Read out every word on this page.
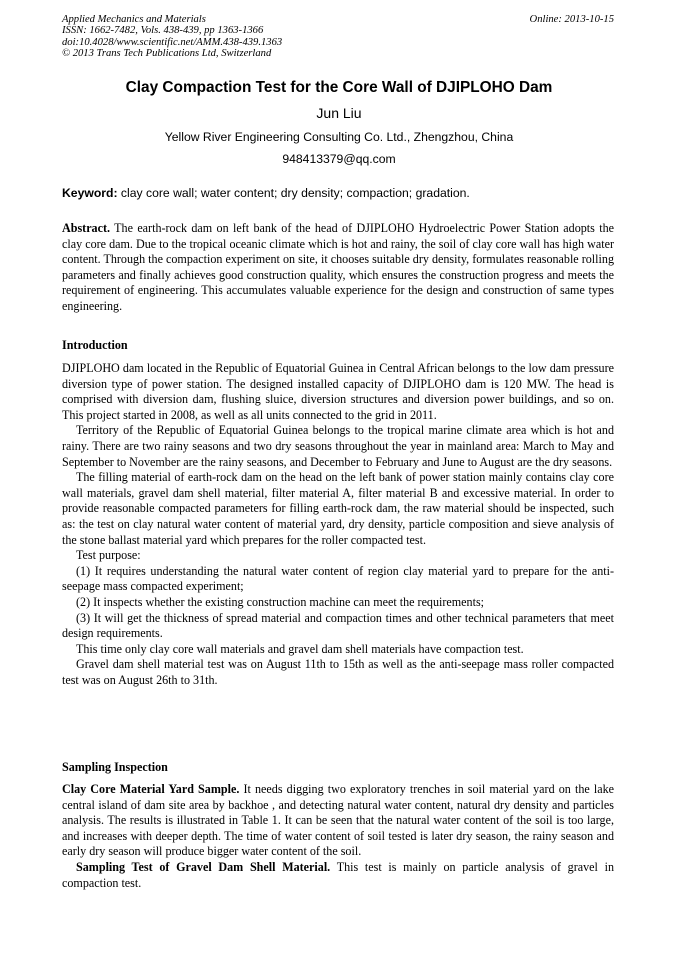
Applied Mechanics and Materials
ISSN: 1662-7482, Vols. 438-439, pp 1363-1366
doi:10.4028/www.scientific.net/AMM.438-439.1363
© 2013 Trans Tech Publications Ltd, Switzerland
Online: 2013-10-15
Clay Compaction Test for the Core Wall of DJIPLOHO Dam
Jun Liu
Yellow River Engineering Consulting Co. Ltd., Zhengzhou, China
948413379@qq.com
Keyword: clay core wall; water content; dry density; compaction; gradation.

Abstract. The earth-rock dam on left bank of the head of DJIPLOHO Hydroelectric Power Station adopts the clay core dam. Due to the tropical oceanic climate which is hot and rainy, the soil of clay core wall has high water content. Through the compaction experiment on site, it chooses suitable dry density, formulates reasonable rolling parameters and finally achieves good construction quality, which ensures the construction progress and meets the requirement of engineering. This accumulates valuable experience for the design and construction of same types engineering.

Introduction

DJIPLOHO dam located in the Republic of Equatorial Guinea in Central African belongs to the low dam pressure diversion type of power station. The designed installed capacity of DJIPLOHO dam is 120 MW. The head is comprised with diversion dam, flushing sluice, diversion structures and diversion power buildings, and so on. This project started in 2008, as well as all units connected to the grid in 2011.

Territory of the Republic of Equatorial Guinea belongs to the tropical marine climate area which is hot and rainy. There are two rainy seasons and two dry seasons throughout the year in mainland area: March to May and September to November are the rainy seasons, and December to February and June to August are the dry seasons.

The filling material of earth-rock dam on the head on the left bank of power station mainly contains clay core wall materials, gravel dam shell material, filter material A, filter material B and excessive material. In order to provide reasonable compacted parameters for filling earth-rock dam, the raw material should be inspected, such as: the test on clay natural water content of material yard, dry density, particle composition and sieve analysis of the stone ballast material yard which prepares for the roller compacted test.

Test purpose:

(1) It requires understanding the natural water content of region clay material yard to prepare for the anti-seepage mass compacted experiment;

(2) It inspects whether the existing construction machine can meet the requirements;

(3) It will get the thickness of spread material and compaction times and other technical parameters that meet design requirements.

This time only clay core wall materials and gravel dam shell materials have compaction test.

Gravel dam shell material test was on August 11th to 15th as well as the anti-seepage mass roller compacted test was on August 26th to 31th.

Sampling Inspection

Clay Core Material Yard Sample. It needs digging two exploratory trenches in soil material yard on the lake central island of dam site area by backhoe , and detecting natural water content, natural dry density and particles analysis. The results is illustrated in Table 1. It can be seen that the natural water content of the soil is too large, and increases with deeper depth. The time of water content of soil tested is later dry season, the rainy season and early dry season will produce bigger water content of the soil.

Sampling Test of Gravel Dam Shell Material. This test is mainly on particle analysis of gravel in compaction test.
